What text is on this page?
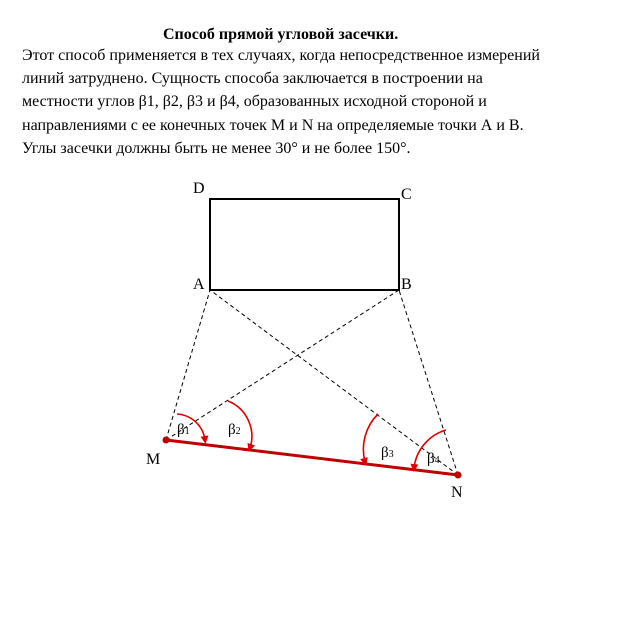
Способ прямой угловой засечки.
Этот способ применяется в тех случаях, когда непосредственное измерений
линий затруднено. Сущность способа заключается в построении на
местности углов β1, β2, β3 и β4, образованных исходной стороной и
направлениями с ее конечных точек М и N на определяемые точки А и В.
Углы засечки должны быть не менее 30° и не более 150°.
D	C
A	B
M
N
β1	β2
β3 β4
